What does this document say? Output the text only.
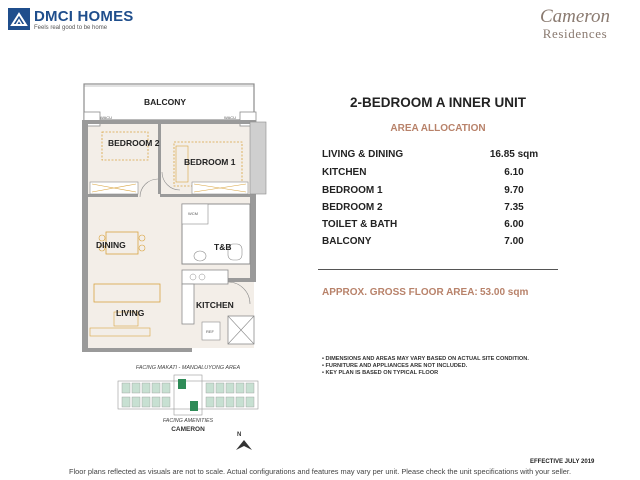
DMCI HOMES
Feels real good to be home
Cameron
Residences
BALCONY
BEDROOM 2
BEDROOM 1
DINING	T&B
LIVING
KITCHEN
WACU	WACU
WCM
REF
2-BEDROOM A INNER UNIT
AREA ALLOCATION
LIVING & DINING	16.85 sqm
KITCHEN	6.10
BEDROOM 1	9.70
BEDROOM 2	7.35
TOILET & BATH	6.00
BALCONY	7.00
APPROX. GROSS FLOOR AREA: 53.00 sqm
• DIMENSIONS AND AREAS MAY VARY BASED ON ACTUAL SITE CONDITION.
• FURNITURE AND APPLIANCES ARE NOT INCLUDED.
• KEY PLAN IS BASED ON TYPICAL FLOOR
FACING MAKATI - MANDALUYONG AREA
FACING AMENITIES
CAMERON
N
EFFECTIVE JULY 2019
Floor plans reflected as visuals are not to scale. Actual configurations and features may vary per unit. Please check the unit specifications with your seller.
